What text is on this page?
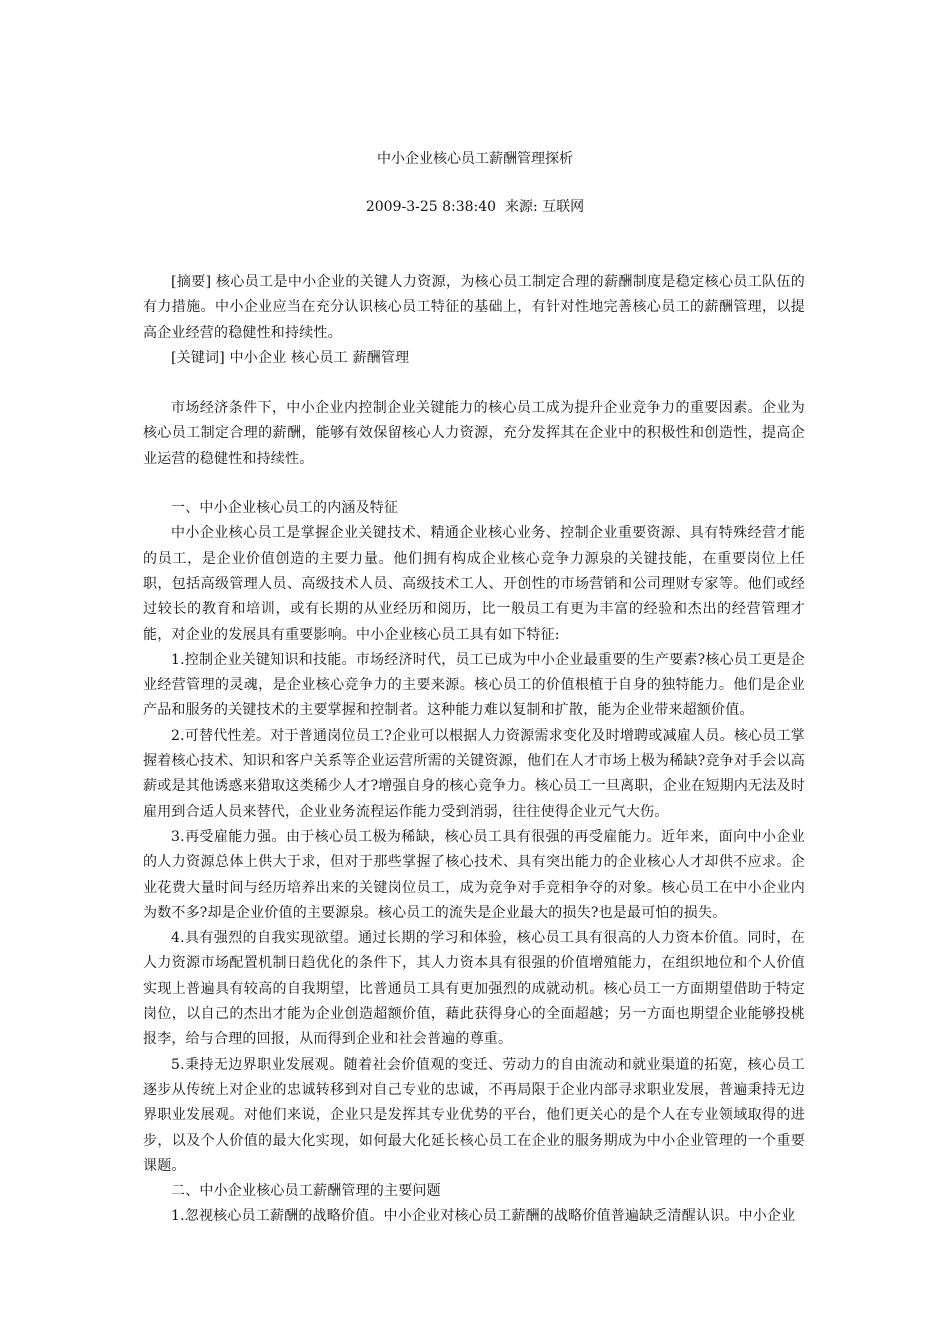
中小企业核心员工薪酬管理探析
2009-3-25 8:38:40 来源: 互联网

[摘要] 核心员工是中小企业的关键人力资源，为核心员工制定合理的薪酬制度是稳定核心员工队伍的有力措施。中小企业应当在充分认识核心员工特征的基础上，有针对性地完善核心员工的薪酬管理，以提高企业经营的稳健性和持续性。

[关键词] 中小企业 核心员工 薪酬管理

市场经济条件下，中小企业内控制企业关键能力的核心员工成为提升企业竞争力的重要因素。企业为核心员工制定合理的薪酬，能够有效保留核心人力资源，充分发挥其在企业中的积极性和创造性，提高企业运营的稳健性和持续性。

一、中小企业核心员工的内涵及特征

中小企业核心员工是掌握企业关键技术、精通企业核心业务、控制企业重要资源、具有特殊经营才能的员工，是企业价值创造的主要力量。他们拥有构成企业核心竞争力源泉的关键技能，在重要岗位上任职，包括高级管理人员、高级技术人员、高级技术工人、开创性的市场营销和公司理财专家等。他们或经过较长的教育和培训，或有长期的从业经历和阅历，比一般员工有更为丰富的经验和杰出的经营管理才能，对企业的发展具有重要影响。中小企业核心员工具有如下特征:

1.控制企业关键知识和技能。市场经济时代，员工已成为中小企业最重要的生产要素?核心员工更是企业经营管理的灵魂，是企业核心竞争力的主要来源。核心员工的价值根植于自身的独特能力。他们是企业产品和服务的关键技术的主要掌握和控制者。这种能力难以复制和扩散，能为企业带来超额价值。

2.可替代性差。对于普通岗位员工?企业可以根据人力资源需求变化及时增聘或减雇人员。核心员工掌握着核心技术、知识和客户关系等企业运营所需的关键资源，他们在人才市场上极为稀缺?竞争对手会以高薪或是其他诱惑来猎取这类稀少人才?增强自身的核心竞争力。核心员工一旦离职，企业在短期内无法及时雇用到合适人员来替代，企业业务流程运作能力受到消弱，往往使得企业元气大伤。

3.再受雇能力强。由于核心员工极为稀缺，核心员工具有很强的再受雇能力。近年来，面向中小企业的人力资源总体上供大于求，但对于那些掌握了核心技术、具有突出能力的企业核心人才却供不应求。企业花费大量时间与经历培养出来的关键岗位员工，成为竞争对手竞相争夺的对象。核心员工在中小企业内为数不多?却是企业价值的主要源泉。核心员工的流失是企业最大的损失?也是最可怕的损失。

4.具有强烈的自我实现欲望。通过长期的学习和体验，核心员工具有很高的人力资本价值。同时，在人力资源市场配置机制日趋优化的条件下，其人力资本具有很强的价值增殖能力，在组织地位和个人价值实现上普遍具有较高的自我期望，比普通员工具有更加强烈的成就动机。核心员工一方面期望借助于特定岗位，以自己的杰出才能为企业创造超额价值，藉此获得身心的全面超越；另一方面也期望企业能够投桃报李，给与合理的回报，从而得到企业和社会普遍的尊重。

5.秉持无边界职业发展观。随着社会价值观的变迁、劳动力的自由流动和就业渠道的拓宽，核心员工逐步从传统上对企业的忠诚转移到对自己专业的忠诚，不再局限于企业内部寻求职业发展，普遍秉持无边界职业发展观。对他们来说，企业只是发挥其专业优势的平台，他们更关心的是个人在专业领域取得的进步，以及个人价值的最大化实现，如何最大化延长核心员工在企业的服务期成为中小企业管理的一个重要课题。

二、中小企业核心员工薪酬管理的主要问题

1.忽视核心员工薪酬的战略价值。中小企业对核心员工薪酬的战略价值普遍缺乏清醒认识。中小企业
